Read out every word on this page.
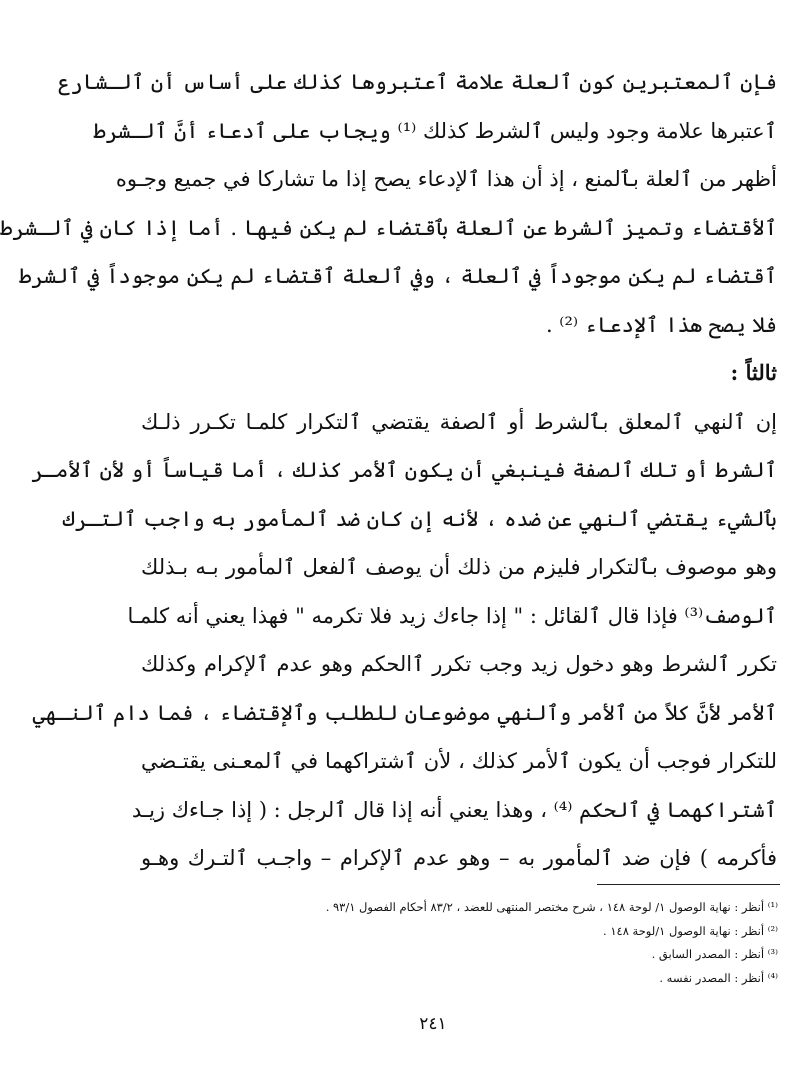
فإن ٱلمعتبرين كون ٱلعلة علامة ٱعتبروها كذلك على أساس أن ٱلـشارع
ٱعتبرها علامة وجود وليس ٱلشرط كذلك ⁽¹⁾ ويجاب على ٱدعاء أنَّ ٱلـشرط
أظهر من ٱلعلة بٱلمنع ، إذ أن هذا ٱلإدعاء يصح إذا ما تشاركا في جميع وجـوه
ٱلأقتضاء وتميز ٱلشرط عن ٱلعلة بٱقتضاء لم يكن فيها . أما إذا كان في ٱلـشرط
ٱقتضاء لم يكن موجوداً في ٱلعلة ، وفي ٱلعلة ٱقتضاء لم يكن موجوداً في ٱلشرط
فلا يصح هذا ٱلإدعاء ⁽²⁾ .
ثالثاً :
إن ٱلنهي ٱلمعلق بٱلشرط أو ٱلصفة يقتضي ٱلتكرار كلمـا تكـرر ذلـك
ٱلشرط أو تلك ٱلصفة فينبغي أن يكون ٱلأمر كذلك ، أما قياساً أو لأن ٱلأمـر
بٱلشيء يقتضي ٱلنهي عن ضده ، لأنه إن كان ضد ٱلمأمور به واجب ٱلتـرك
وهو موصوف بٱلتكرار فليزم من ذلك أن يوصف ٱلفعل ٱلمأمور بـه بـذلك
ٱلوصف⁽³⁾ فإذا قال ٱلقائل : " إذا جاءك زيد فلا تكرمه " فهذا يعني أنه كلمـا
تكرر ٱلشرط وهو دخول زيد وجب تكرر ٱالحكم وهو عدم ٱلإكرام وكذلك
ٱلأمر لأنَّ كلاً من ٱلأمر وٱلنهي موضوعان للطلب وٱلإقتضاء ، فما دام ٱلنـهي
للتكرار فوجب أن يكون ٱلأمر كذلك ، لأن ٱشتراكهما في ٱلمعـنى يقتـضي
ٱشتراكهما في ٱلحكم ⁽⁴⁾ ، وهذا يعني أنه إذا قال ٱلرجل : ( إذا جـاءك زيـد
فأكرمه ) فإن ضد ٱلمأمور به – وهو عدم ٱلإكرام – واجـب ٱلتـرك وهـو
⁽¹⁾ أنظر : نهاية الوصول ١/ لوحة ١٤٨ ، شرح مختصر المنتهى للعضد ، ٨٣/٢ أحكام الفصول ٩٣/١ .
⁽²⁾ أنظر : نهاية الوصول ١/لوحة ١٤٨ .
⁽³⁾ أنظر : المصدر السابق .
⁽⁴⁾ أنظر : المصدر نفسه .
٢٤١
